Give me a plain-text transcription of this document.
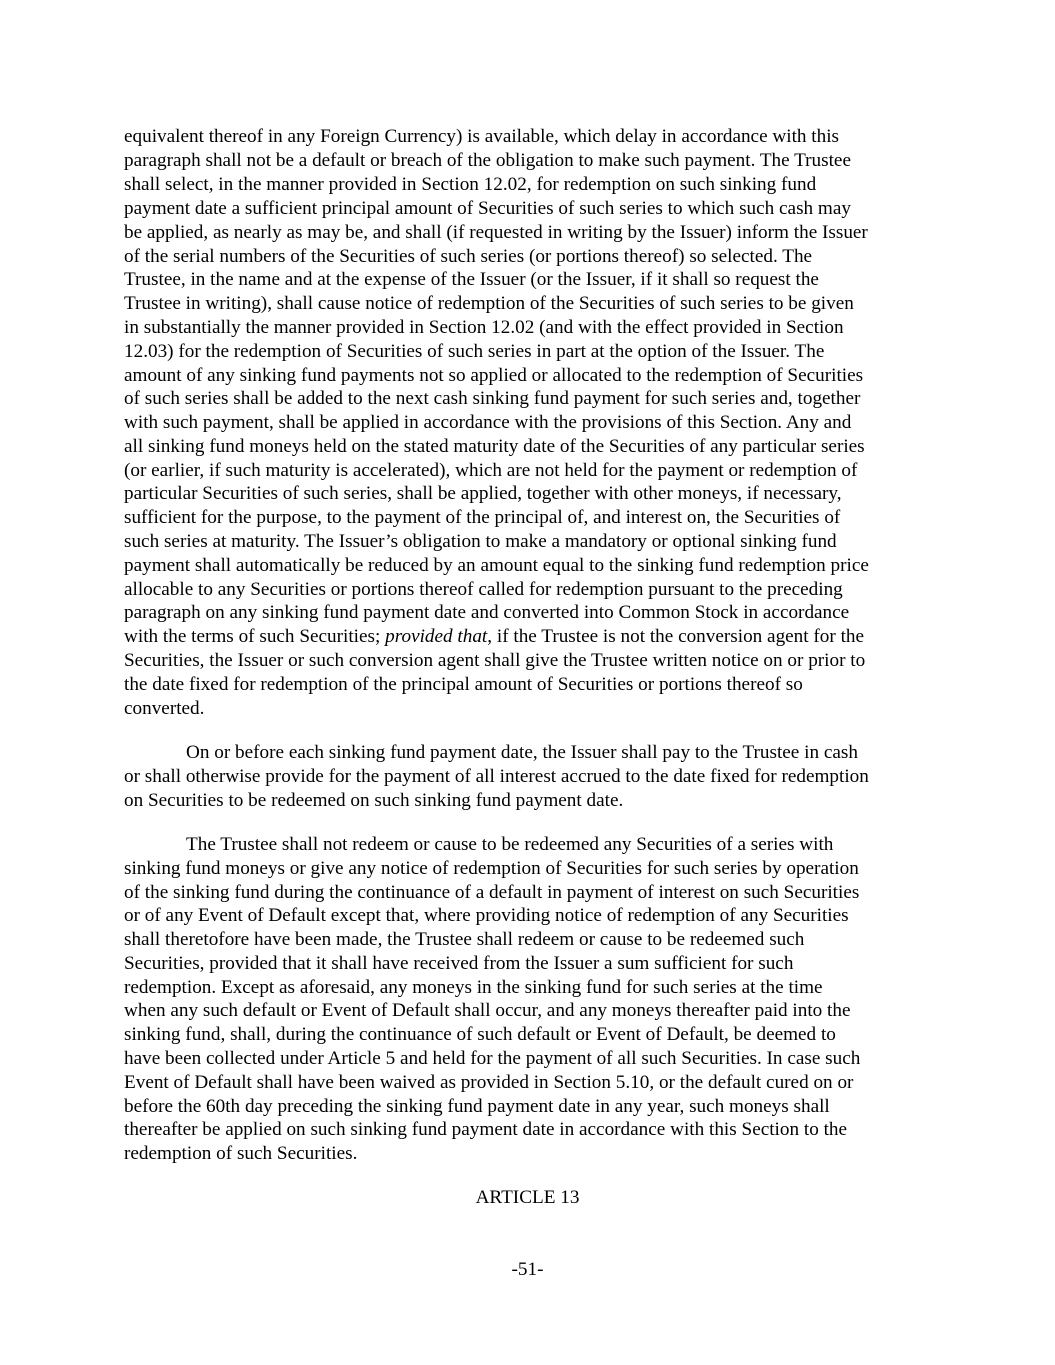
equivalent thereof in any Foreign Currency) is available, which delay in accordance with this

paragraph shall not be a default or breach of the obligation to make such payment. The Trustee

shall select, in the manner provided in Section 12.02, for redemption on such sinking fund

payment date a sufficient principal amount of Securities of such series to which such cash may

be applied, as nearly as may be, and shall (if requested in writing by the Issuer) inform the Issuer

of the serial numbers of the Securities of such series (or portions thereof) so selected. The

Trustee, in the name and at the expense of the Issuer (or the Issuer, if it shall so request the

Trustee in writing), shall cause notice of redemption of the Securities of such series to be given

in substantially the manner provided in Section 12.02 (and with the effect provided in Section

12.03) for the redemption of Securities of such series in part at the option of the Issuer. The

amount of any sinking fund payments not so applied or allocated to the redemption of Securities

of such series shall be added to the next cash sinking fund payment for such series and, together

with such payment, shall be applied in accordance with the provisions of this Section. Any and

all sinking fund moneys held on the stated maturity date of the Securities of any particular series

(or earlier, if such maturity is accelerated), which are not held for the payment or redemption of

particular Securities of such series, shall be applied, together with other moneys, if necessary,

sufficient for the purpose, to the payment of the principal of, and interest on, the Securities of

such series at maturity. The Issuer’s obligation to make a mandatory or optional sinking fund

payment shall automatically be reduced by an amount equal to the sinking fund redemption price

allocable to any Securities or portions thereof called for redemption pursuant to the preceding

paragraph on any sinking fund payment date and converted into Common Stock in accordance

with the terms of such Securities; provided that, if the Trustee is not the conversion agent for the

Securities, the Issuer or such conversion agent shall give the Trustee written notice on or prior to

the date fixed for redemption of the principal amount of Securities or portions thereof so

converted.

On or before each sinking fund payment date, the Issuer shall pay to the Trustee in cash

or shall otherwise provide for the payment of all interest accrued to the date fixed for redemption

on Securities to be redeemed on such sinking fund payment date.

The Trustee shall not redeem or cause to be redeemed any Securities of a series with

sinking fund moneys or give any notice of redemption of Securities for such series by operation

of the sinking fund during the continuance of a default in payment of interest on such Securities

or of any Event of Default except that, where providing notice of redemption of any Securities

shall theretofore have been made, the Trustee shall redeem or cause to be redeemed such

Securities, provided that it shall have received from the Issuer a sum sufficient for such

redemption. Except as aforesaid, any moneys in the sinking fund for such series at the time

when any such default or Event of Default shall occur, and any moneys thereafter paid into the

sinking fund, shall, during the continuance of such default or Event of Default, be deemed to

have been collected under Article 5 and held for the payment of all such Securities. In case such

Event of Default shall have been waived as provided in Section 5.10, or the default cured on or

before the 60th day preceding the sinking fund payment date in any year, such moneys shall

thereafter be applied on such sinking fund payment date in accordance with this Section to the

redemption of such Securities.

ARTICLE 13

-51-
